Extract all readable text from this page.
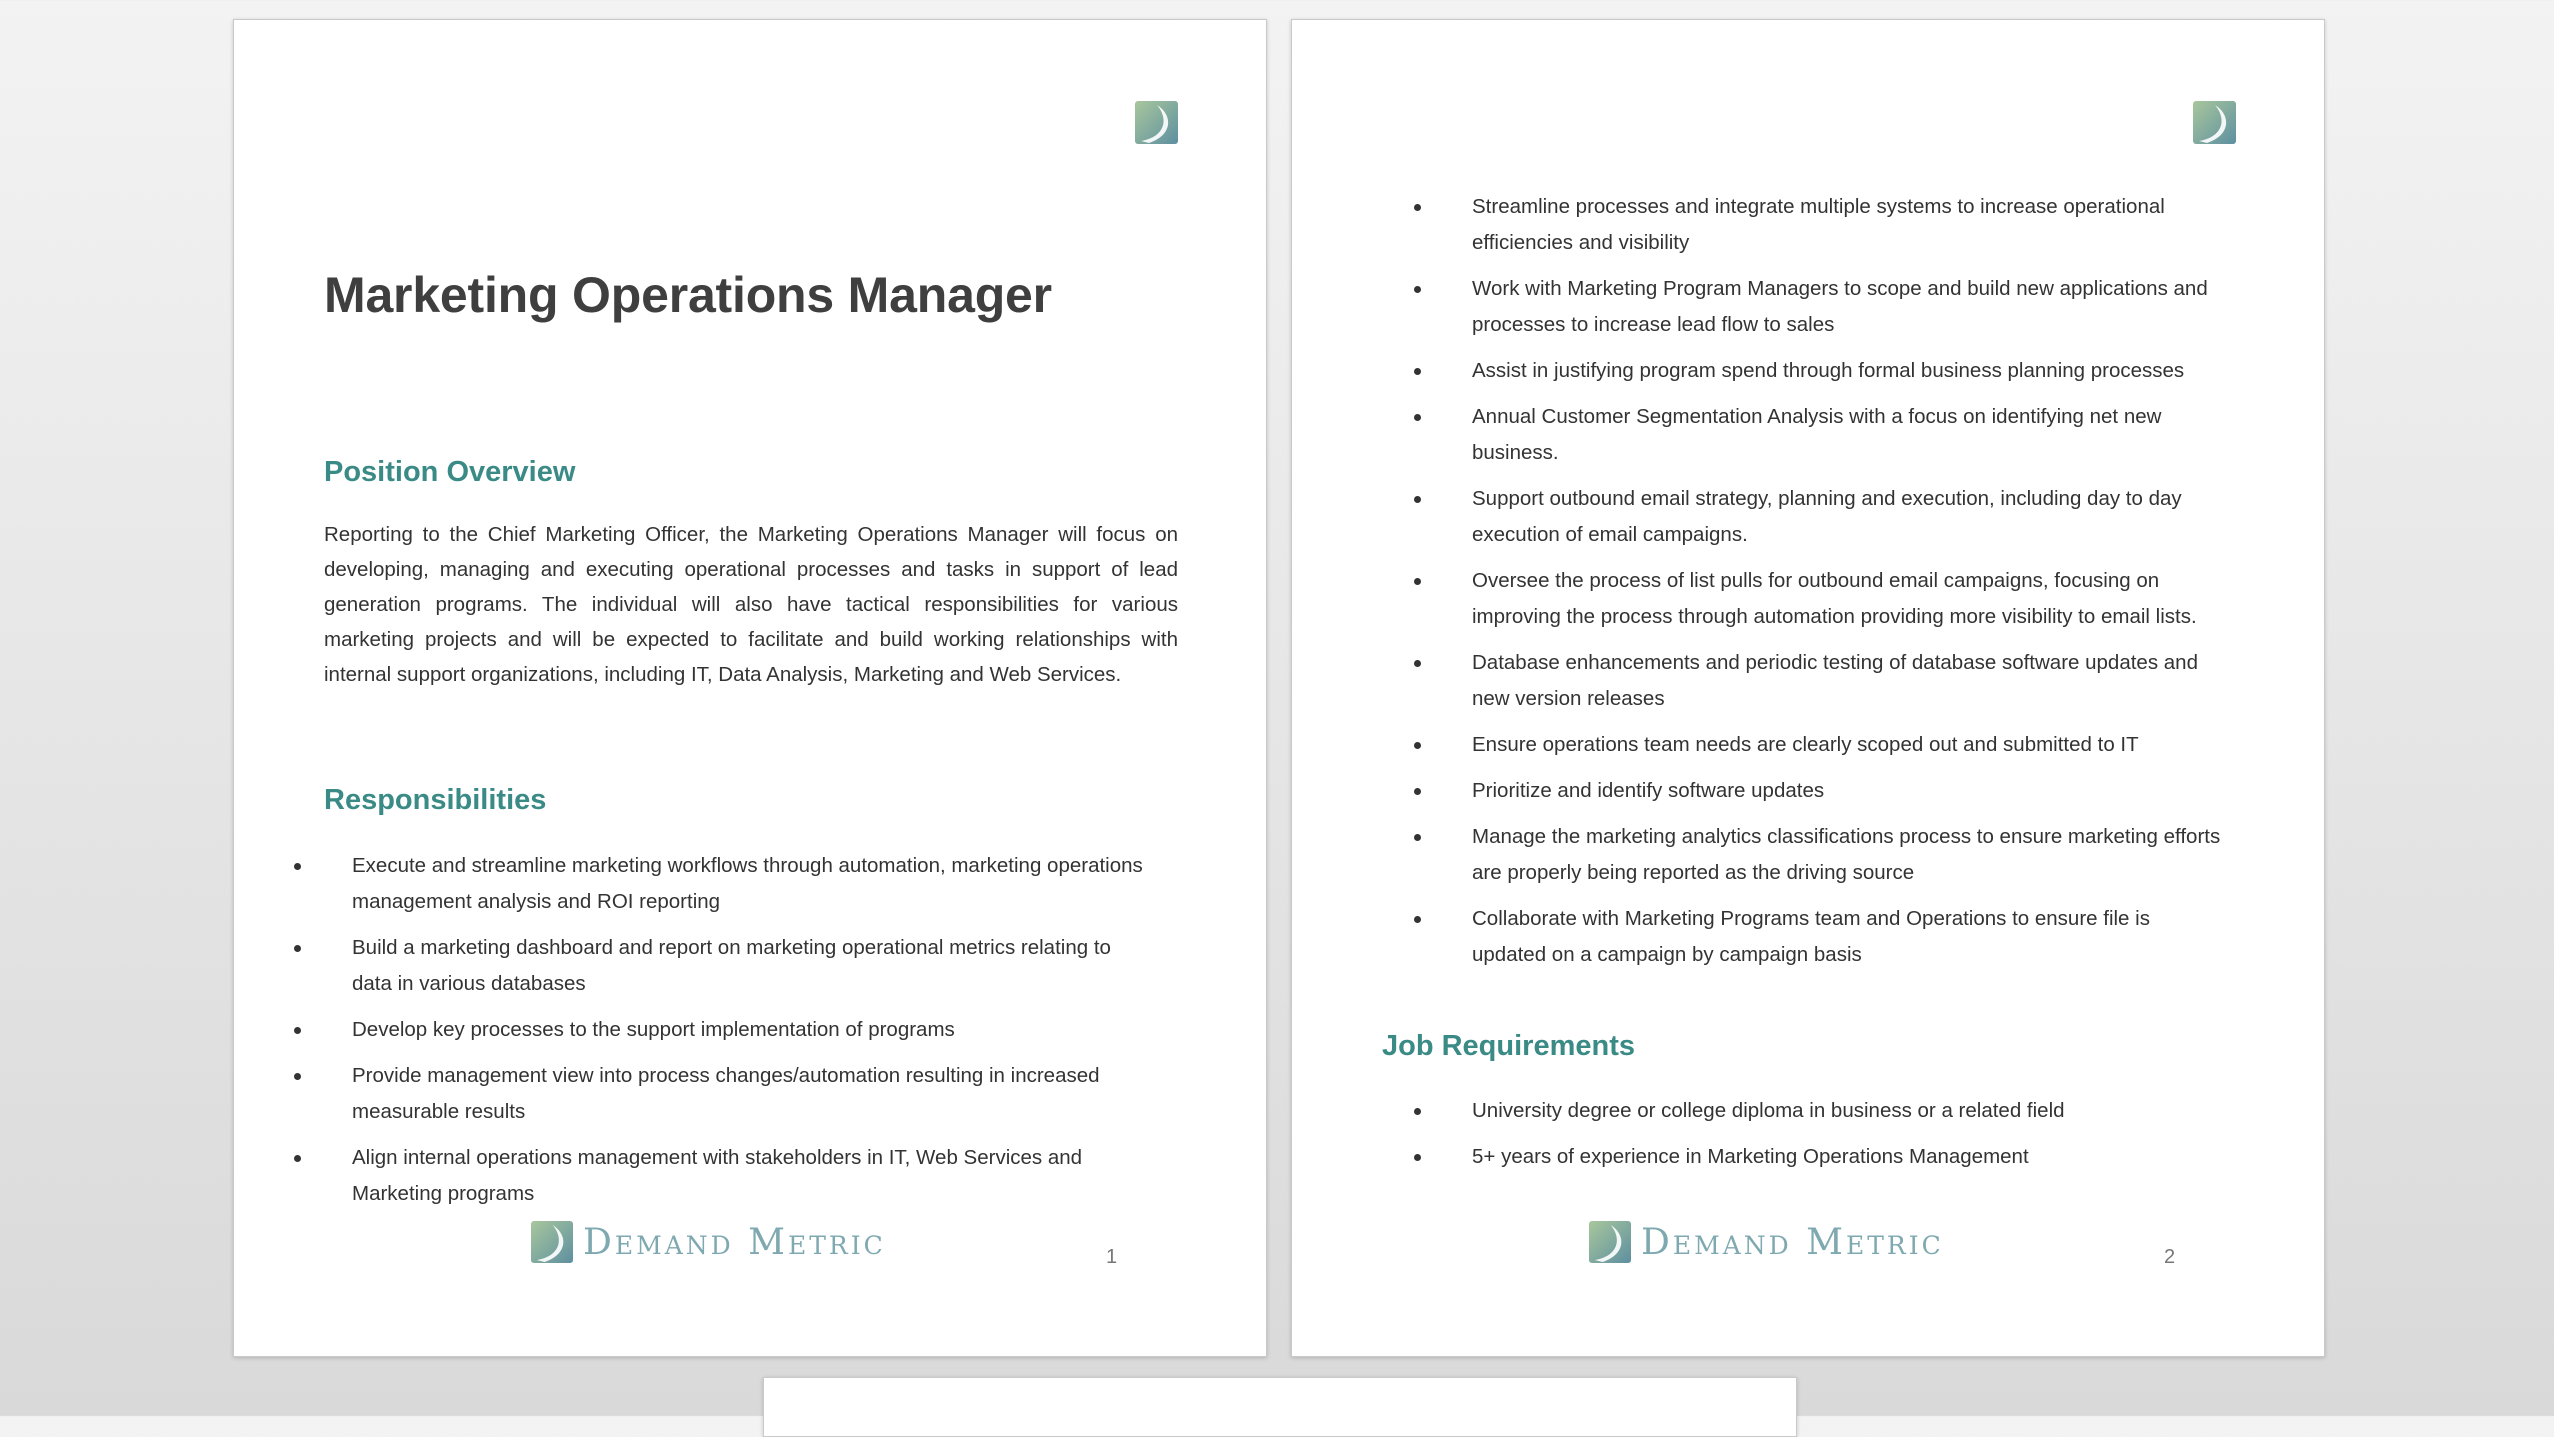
Marketing Operations Manager
Position Overview

Reporting to the Chief Marketing Officer, the Marketing Operations Manager will focus on developing, managing and executing operational processes and tasks in support of lead generation programs. The individual will also have tactical responsibilities for various marketing projects and will be expected to facilitate and build working relationships with internal support organizations, including IT, Data Analysis, Marketing and Web Services.

Responsibilities
Execute and streamline marketing workflows through automation, marketing operations management analysis and ROI reporting
Build a marketing dashboard and report on marketing operational metrics relating to data in various databases
Develop key processes to the support implementation of programs
Provide management view into process changes/automation resulting in increased measurable results
Align internal operations management with stakeholders in IT, Web Services and Marketing programs
Demand Metric	1
Streamline processes and integrate multiple systems to increase operational efficiencies and visibility
Work with Marketing Program Managers to scope and build new applications and processes to increase lead flow to sales
Assist in justifying program spend through formal business planning processes
Annual Customer Segmentation Analysis with a focus on identifying net new business.
Support outbound email strategy, planning and execution, including day to day execution of email campaigns.
Oversee the process of list pulls for outbound email campaigns, focusing on improving the process through automation providing more visibility to email lists.
Database enhancements and periodic testing of database software updates and new version releases
Ensure operations team needs are clearly scoped out and submitted to IT
Prioritize and identify software updates
Manage the marketing analytics classifications process to ensure marketing efforts are properly being reported as the driving source
Collaborate with Marketing Programs team and Operations to ensure file is updated on a campaign by campaign basis
Job Requirements
University degree or college diploma in business or a related field
5+ years of experience in Marketing Operations Management
Demand Metric	2
